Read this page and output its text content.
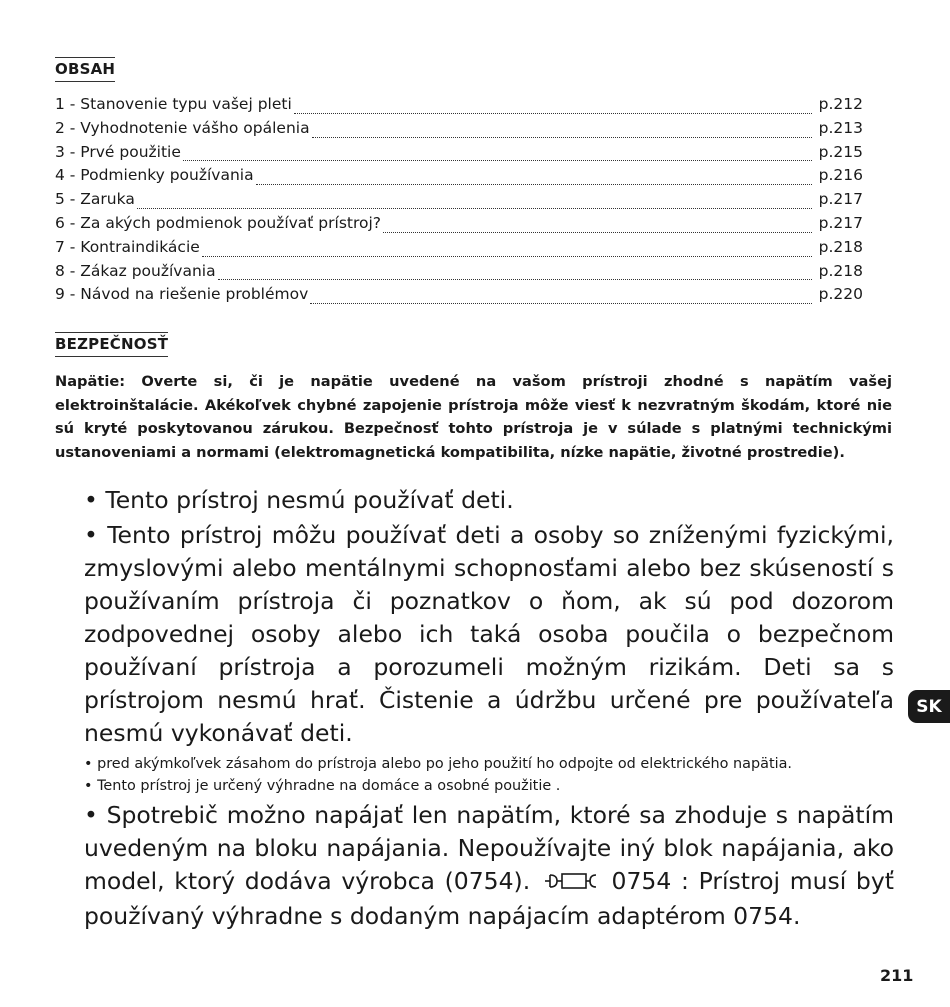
OBSAH
1 - Stanovenie typu vašej pleti	p.212
2 - Vyhodnotenie vášho opálenia	p.213
3 - Prvé použitie	p.215
4 - Podmienky používania	p.216
5 - Zaruka	p.217
6 - Za akých podmienok používať prístroj?	p.217
7 - Kontraindikácie	p.218
8 - Zákaz používania	p.218
9 - Návod na riešenie problémov	p.220
BEZPEČNOSŤ
Napätie: Overte si, či je napätie uvedené na vašom prístroji zhodné s napätím vašej elektroinštalácie. Akékoľvek chybné zapojenie prístroja môže viesť k nezvratným škodám, ktoré nie sú kryté poskytovanou zárukou. Bezpečnosť tohto prístroja je v súlade s platnými technickými ustanoveniami a normami (elektromagnetická kompatibilita, nízke napätie, životné prostredie).
• Tento prístroj nesmú používať deti.
• Tento prístroj môžu používať deti a osoby so zníženými fyzickými, zmyslovými alebo mentálnymi schopnosťami alebo bez skúseností s používaním prístroja či poznatkov o ňom, ak sú pod dozorom zodpovednej osoby alebo ich taká osoba poučila o bezpečnom používaní prístroja a porozumeli možným rizikám. Deti sa s prístrojom nesmú hrať. Čistenie a údržbu určené pre používateľa nesmú vykonávať deti.
• pred akýmkoľvek zásahom do prístroja alebo po jeho použití ho odpojte od elektrického napätia.
• Tento prístroj je určený výhradne na domáce a osobné použitie .
• Spotrebič možno napájať len napätím, ktoré sa zhoduje s napätím uvedeným na bloku napájania. Nepoužívajte iný blok napájania, ako model, ktorý dodáva výrobca (0754).	0754 : Prístroj musí byť používaný výhradne s dodaným napájacím adaptérom 0754.
SK
211
